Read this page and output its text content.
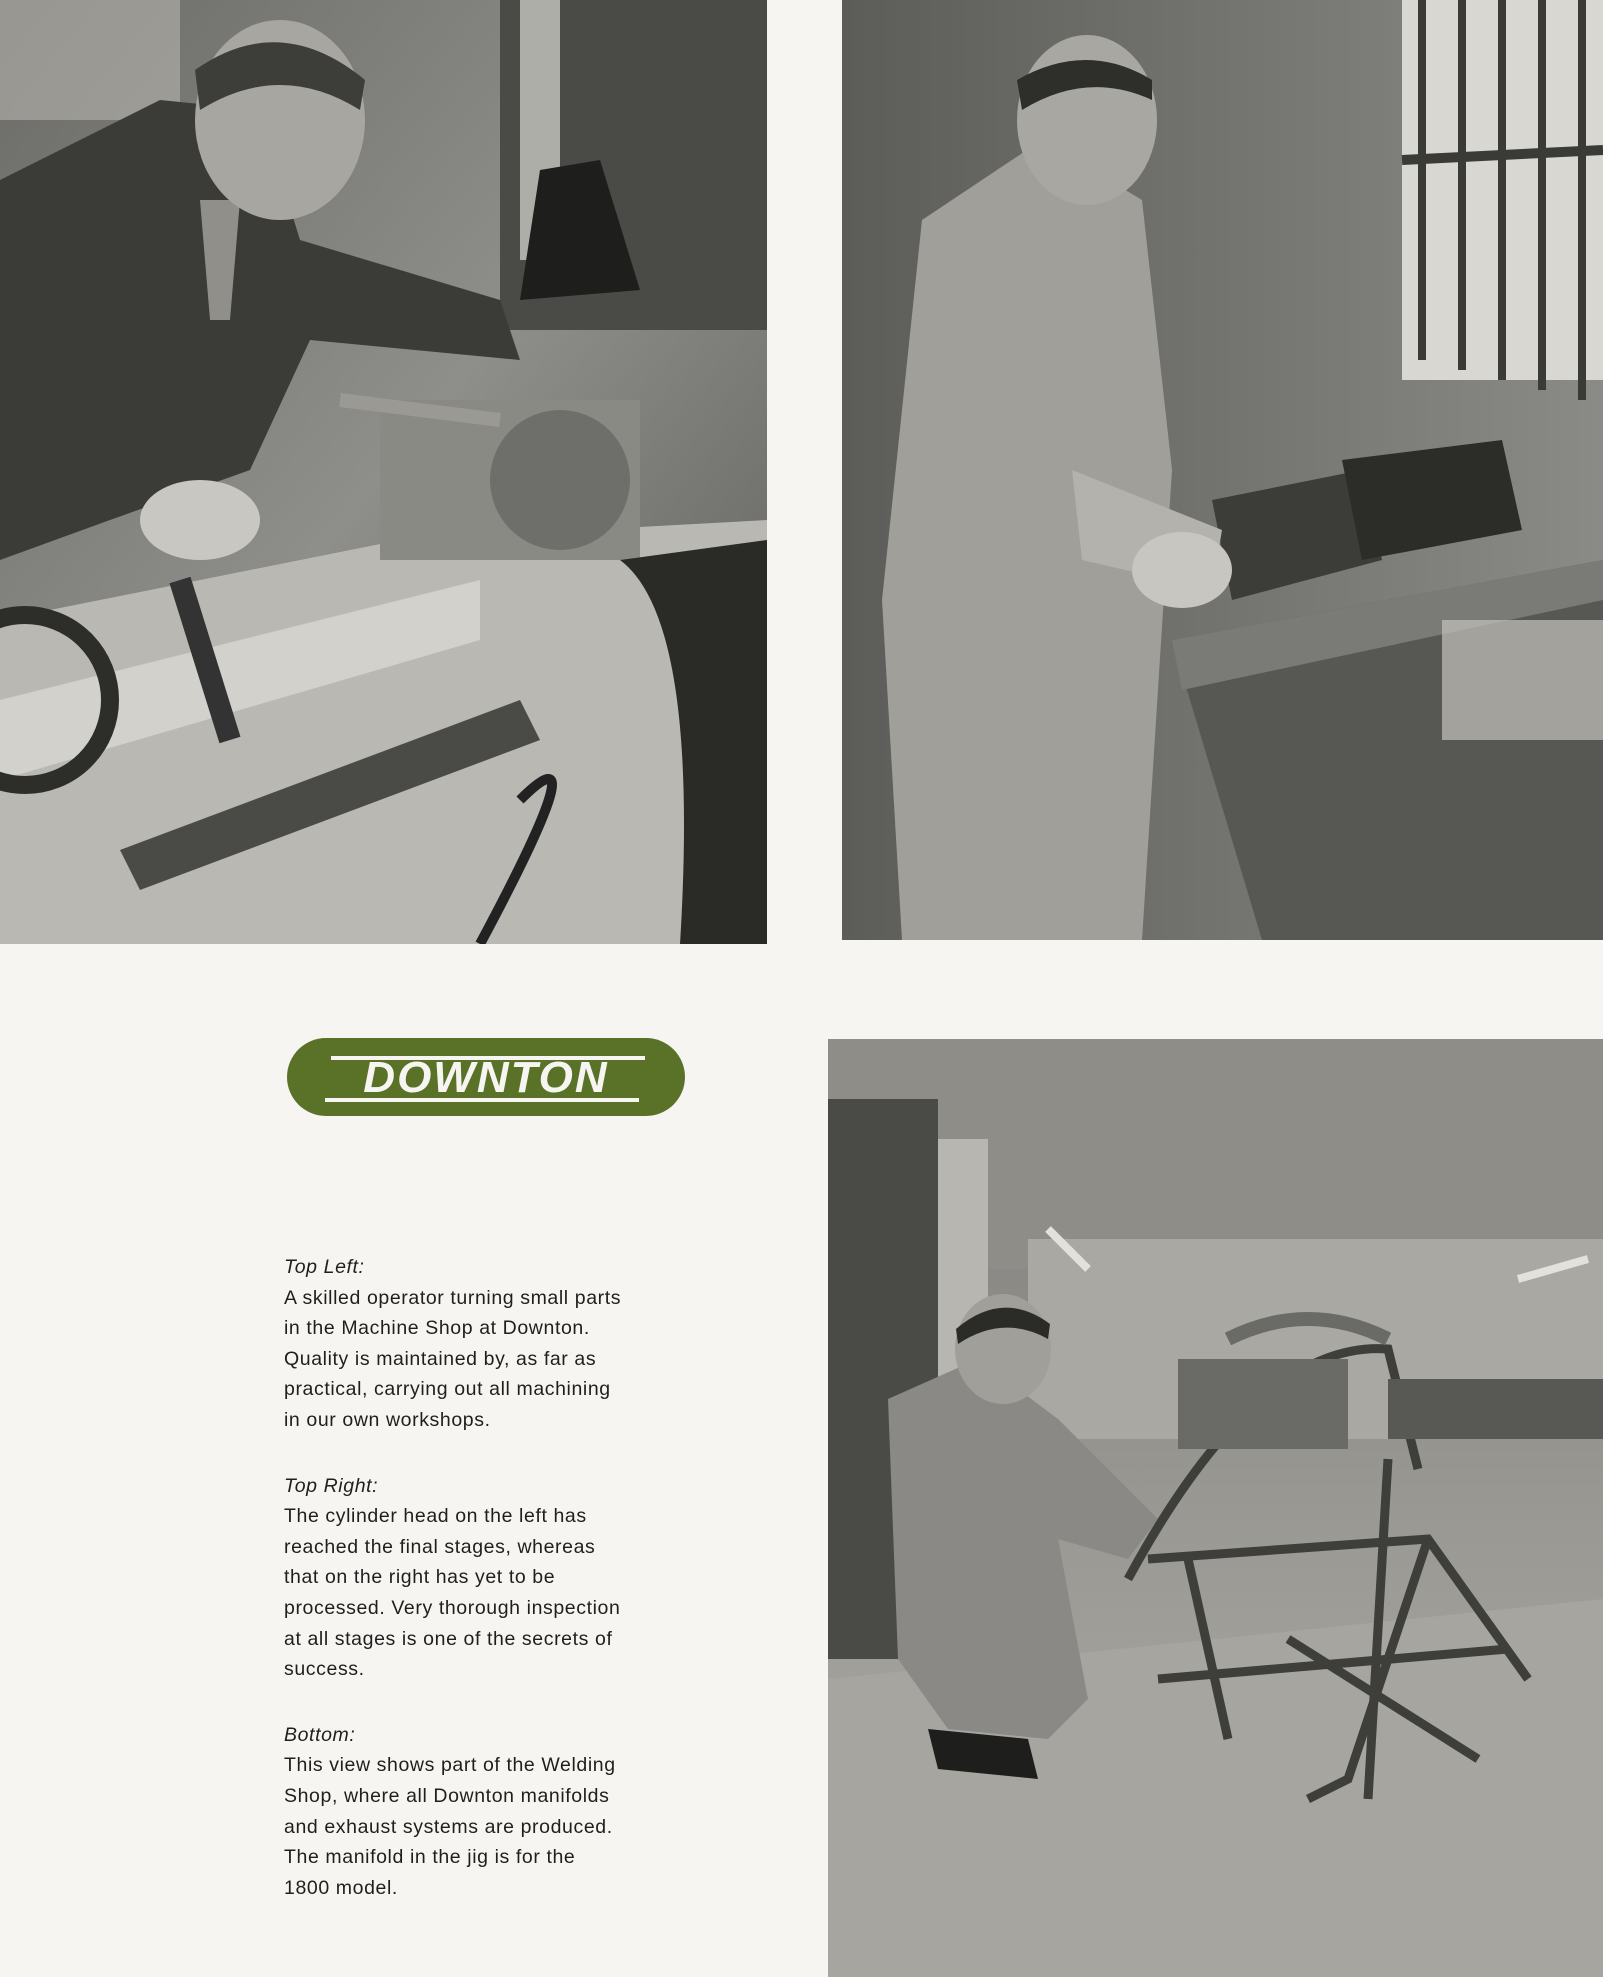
DOWNTON
Top Left:
A skilled operator turning small parts
in the Machine Shop at Downton.
Quality is maintained by, as far as
practical, carrying out all machining
in our own workshops.
Top Right:
The cylinder head on the left has
reached the final stages, whereas
that on the right has yet to be
processed. Very thorough inspection
at all stages is one of the secrets of
success.
Bottom:
This view shows part of the Welding
Shop, where all Downton manifolds
and exhaust systems are produced.
The manifold in the jig is for the
1800 model.
